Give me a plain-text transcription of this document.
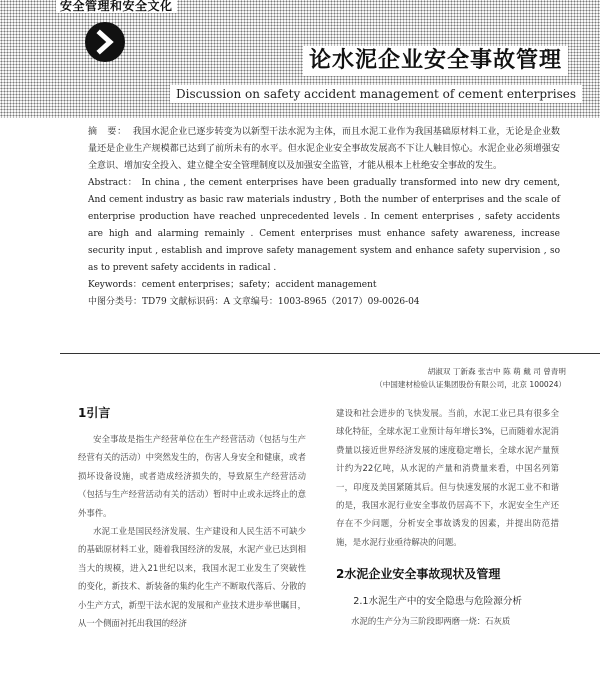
安全管理和安全文化
论水泥企业安全事故管理
Discussion on safety accident management of cement enterprises

摘　要： 我国水泥企业已逐步转变为以新型干法水泥为主体，而且水泥工业作为我国基础原材料工业，无论是企业数量还是企业生产规模都已达到了前所未有的水平。但水泥企业安全事故发展高不下让人触目惊心。水泥企业必须增强安全意识、增加安全投入、建立健全安全管理制度以及加强安全监管，才能从根本上杜绝安全事故的发生。

Abstract： In china , the cement enterprises have been gradually transformed into new dry cement, And cement industry as basic raw materials industry , Both the number of enterprises and the scale of enterprise production have reached unprecedented levels . In cement enterprises , safety accidents are high and alarming remainly . Cement enterprises must enhance safety awareness, increase security input , establish and improve safety management system and enhance safety supervision , so as to prevent safety accidents in radical .

Keywords：cement enterprises；safety；accident management

中图分类号：TD79 文献标识码：A 文章编号：1003-8965（2017）09-0026-04

胡淑双 丁新森 张吉中 陈 萌 戴 司 曾青明

（中国建材检验认证集团股份有限公司，北京 100024）

1引言

安全事故是指生产经营单位在生产经营活动（包括与生产经营有关的活动）中突然发生的，伤害人身安全和健康，或者损坏设备设施，或者造成经济损失的，导致原生产经营活动（包括与生产经营活动有关的活动）暂时中止或永远终止的意外事件。

水泥工业是国民经济发展、生产建设和人民生活不可缺少的基础原材料工业，随着我国经济的发展，水泥产业已达到相当大的规模，进入21世纪以来，我国水泥工业发生了突破性的变化，新技术、新装备的集约化生产不断取代落后、分散的小生产方式，新型干法水泥的发展和产业技术进步举世瞩目，从一个侧面衬托出我国的经济

建设和社会进步的飞快发展。当前，水泥工业已具有很多全球化特征，全球水泥工业预计每年增长3%，已而随着水泥消费量以接近世界经济发展的速度稳定增长，全球水泥产量预计约为22亿吨，从水泥的产量和消费量来看，中国名列第一，印度及美国紧随其后。但与快速发展的水泥工业不和谐的是，我国水泥行业安全事故仍居高不下，水泥安全生产还存在不少问题，分析安全事故诱发的因素，并提出防范措施，是水泥行业亟待解决的问题。

2水泥企业安全事故现状及管理

2.1水泥生产中的安全隐患与危险源分析

水泥的生产分为三阶段即两磨一烧：石灰质
